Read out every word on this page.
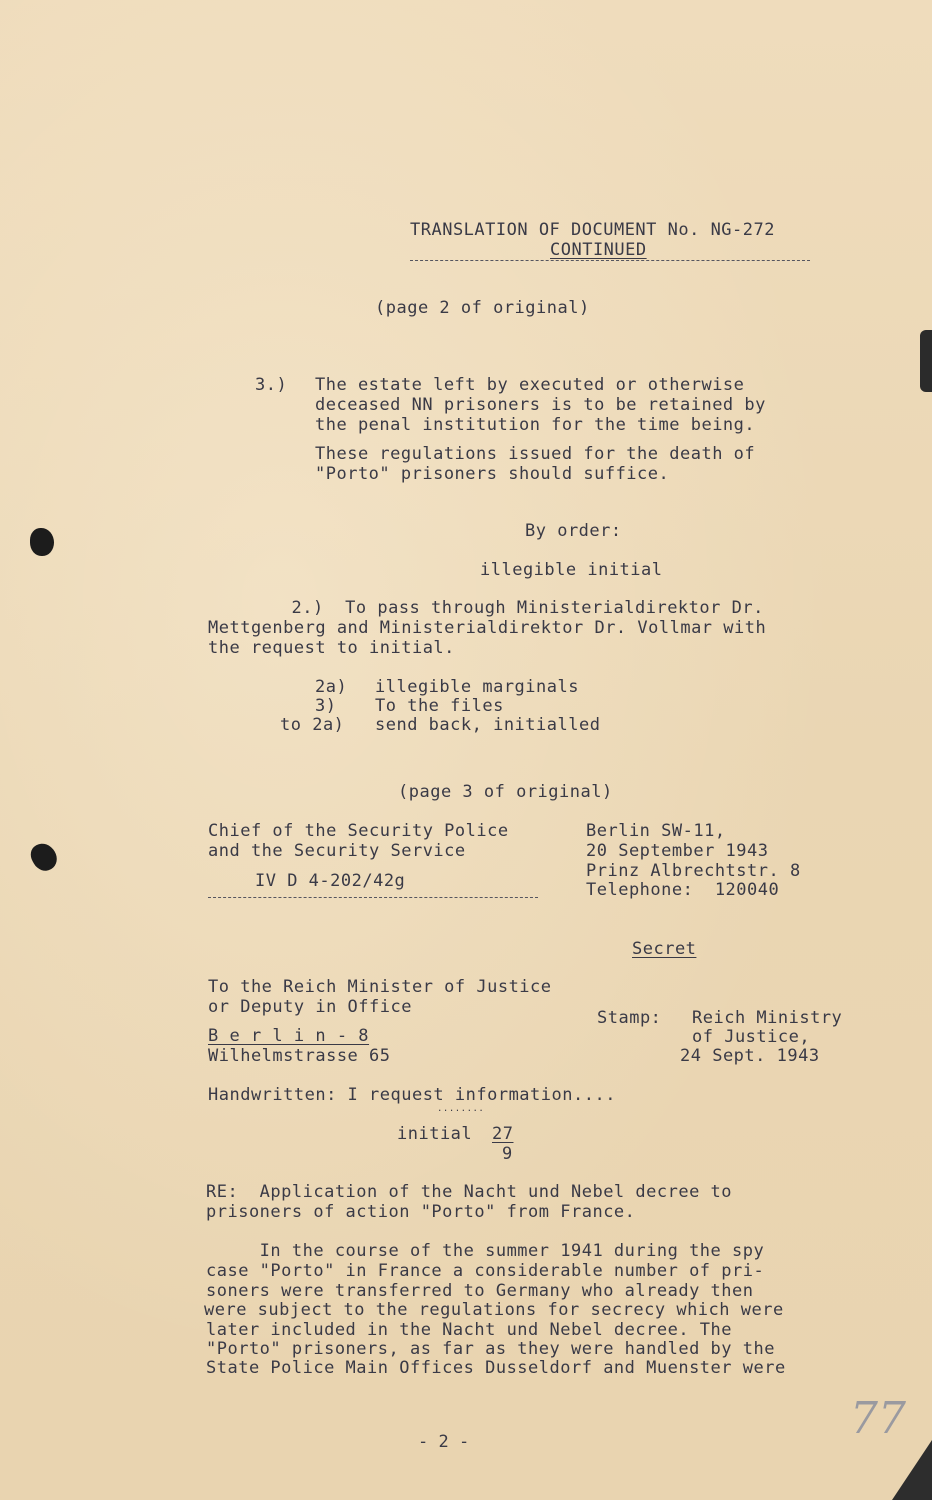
TRANSLATION OF DOCUMENT No. NG-272
CONTINUED
(page 2 of original)
3.) The estate left by executed or otherwise
deceased NN prisoners is to be retained by
the penal institution for the time being.
These regulations issued for the death of
"Porto" prisoners should suffice.
By order:
illegible initial
2.)  To pass through Ministerialdirektor Dr.
Mettgenberg and Ministerialdirektor Dr. Vollmar with
the request to initial.
2a) illegible marginals
3) To the files
to 2a) send back, initialled
(page 3 of original)
Chief of the Security Police
and the Security Service
IV D 4-202/42g
Berlin SW-11,
20 September 1943
Prinz Albrechtstr. 8
Telephone:  120040
Secret
To the Reich Minister of Justice
or Deputy in Office
B e r l i n - 8
Wilhelmstrasse 65
Stamp: Reich Ministry
of Justice,
24 Sept. 1943
Handwritten: I request information....
........
initial 27
9
RE:  Application of the Nacht und Nebel decree to
prisoners of action "Porto" from France.
In the course of the summer 1941 during the spy
case "Porto" in France a considerable number of pri-
soners were transferred to Germany who already then
were subject to the regulations for secrecy which were
later included in the Nacht und Nebel decree. The
"Porto" prisoners, as far as they were handled by the
State Police Main Offices Dusseldorf and Muenster were
- 2 -	77
